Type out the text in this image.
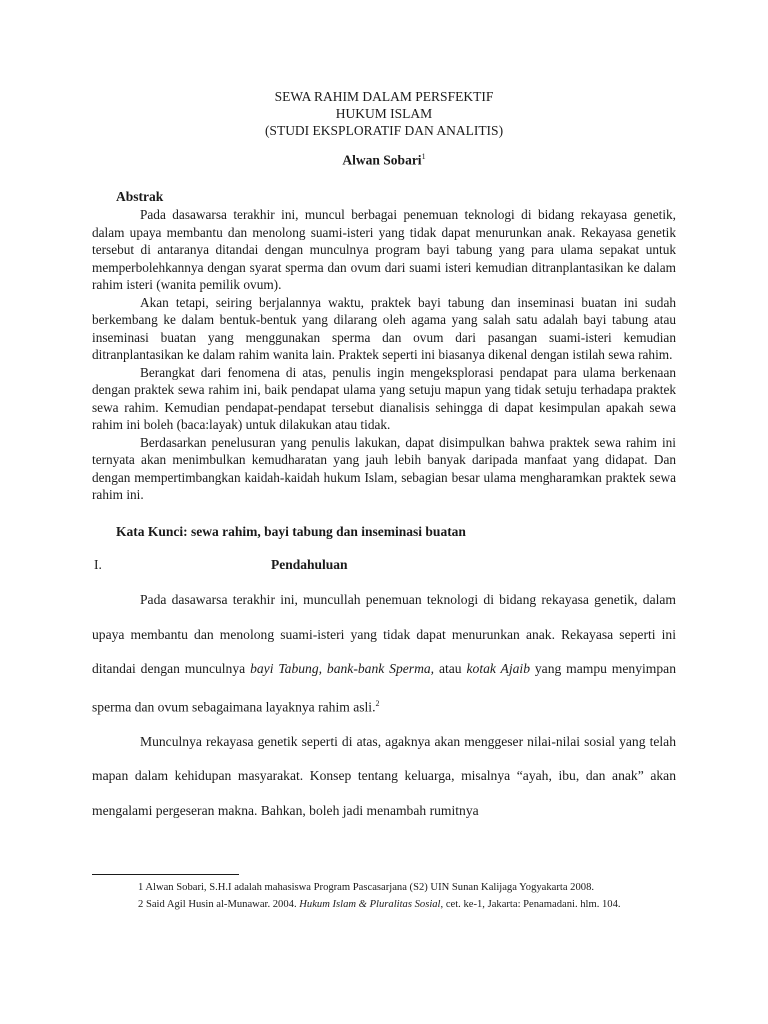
SEWA RAHIM DALAM PERSFEKTIF
HUKUM ISLAM
(STUDI EKSPLORATIF DAN ANALITIS)
Alwan Sobari$^1$
Abstrak

Pada dasawarsa terakhir ini, muncul berbagai penemuan teknologi di bidang rekayasa genetik, dalam upaya membantu dan menolong suami-isteri yang tidak dapat menurunkan anak. Rekayasa genetik tersebut di antaranya ditandai dengan munculnya program bayi tabung yang para ulama sepakat untuk memperbolehkannya dengan syarat sperma dan ovum dari suami isteri kemudian ditranplantasikan ke dalam rahim isteri (wanita pemilik ovum).

Akan tetapi, seiring berjalannya waktu, praktek bayi tabung dan inseminasi buatan ini sudah berkembang ke dalam bentuk-bentuk yang dilarang oleh agama yang salah satu adalah bayi tabung atau inseminasi buatan yang menggunakan sperma dan ovum dari pasangan suami-isteri kemudian ditranplantasikan ke dalam rahim wanita lain. Praktek seperti ini biasanya dikenal dengan istilah sewa rahim.

Berangkat dari fenomena di atas, penulis ingin mengeksplorasi pendapat para ulama berkenaan dengan praktek sewa rahim ini, baik pendapat ulama yang setuju mapun yang tidak setuju terhadapa praktek sewa rahim. Kemudian pendapat-pendapat tersebut dianalisis sehingga di dapat kesimpulan apakah sewa rahim ini boleh (baca:layak) untuk dilakukan atau tidak.

Berdasarkan penelusuran yang penulis lakukan, dapat disimpulkan bahwa praktek sewa rahim ini ternyata akan menimbulkan kemudharatan yang jauh lebih banyak daripada manfaat yang didapat. Dan dengan mempertimbangkan kaidah-kaidah hukum Islam, sebagian besar ulama mengharamkan praktek sewa rahim ini.

Kata Kunci: sewa rahim, bayi tabung dan inseminasi buatan
I.	Pendahuluan

Pada dasawarsa terakhir ini, muncullah penemuan teknologi di bidang rekayasa genetik, dalam upaya membantu dan menolong suami-isteri yang tidak dapat menurunkan anak. Rekayasa seperti ini ditandai dengan munculnya bayi Tabung, bank-bank Sperma, atau kotak Ajaib yang mampu menyimpan sperma dan ovum sebagaimana layaknya rahim asli.$^2$

Munculnya rekayasa genetik seperti di atas, agaknya akan menggeser nilai-nilai sosial yang telah mapan dalam kehidupan masyarakat. Konsep tentang keluarga, misalnya “ayah, ibu, dan anak” akan mengalami pergeseran makna. Bahkan, boleh jadi menambah rumitnya

1 Alwan Sobari, S.H.I adalah mahasiswa Program Pascasarjana (S2) UIN Sunan Kalijaga Yogyakarta 2008.

2 Said Agil Husin al-Munawar. 2004. Hukum Islam & Pluralitas Sosial, cet. ke-1, Jakarta: Penamadani. hlm. 104.
